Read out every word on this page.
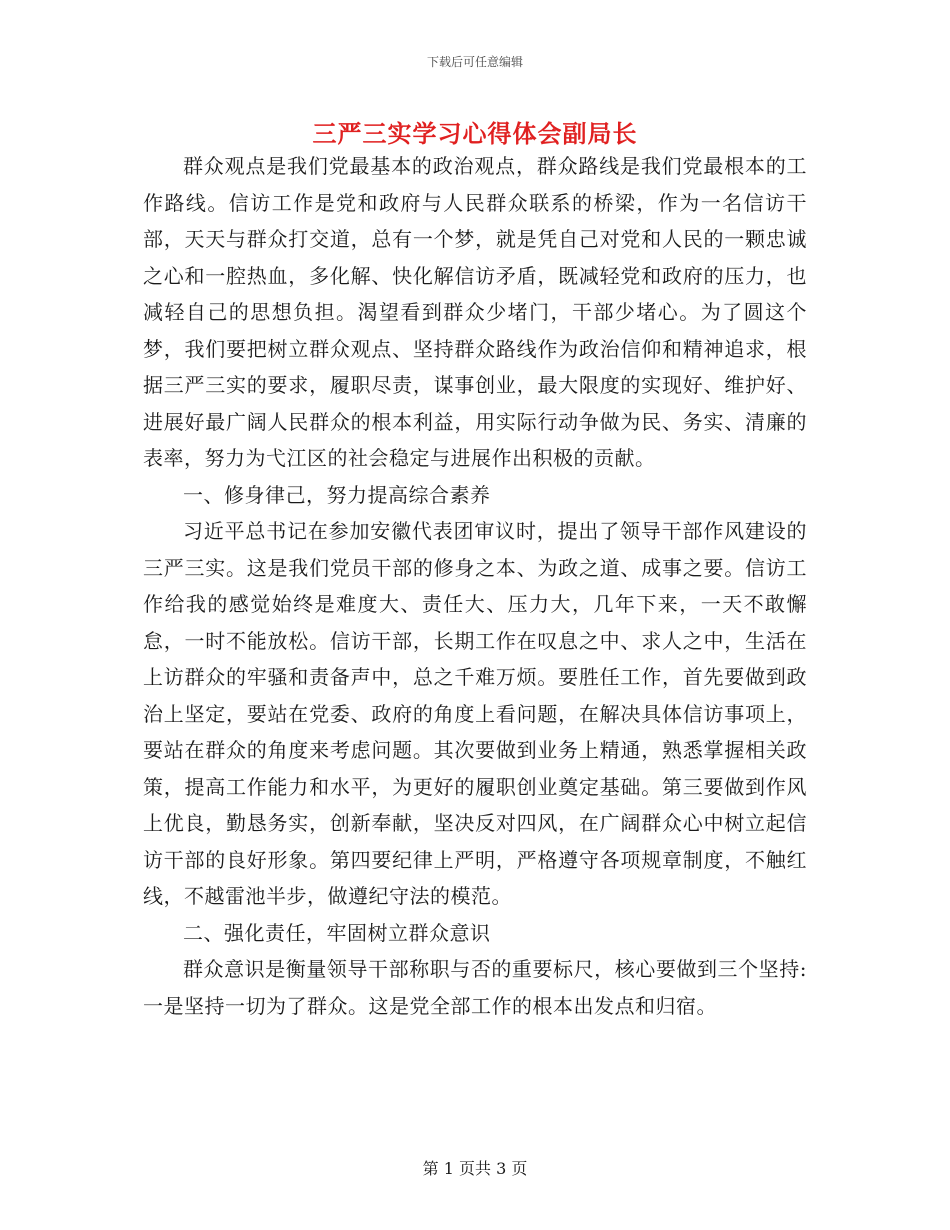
下载后可任意编辑
三严三实学习心得体会副局长

群众观点是我们党最基本的政治观点，群众路线是我们党最根本的工作路线。信访工作是党和政府与人民群众联系的桥梁，作为一名信访干部，天天与群众打交道，总有一个梦，就是凭自己对党和人民的一颗忠诚之心和一腔热血，多化解、快化解信访矛盾，既减轻党和政府的压力，也减轻自己的思想负担。渴望看到群众少堵门，干部少堵心。为了圆这个梦，我们要把树立群众观点、坚持群众路线作为政治信仰和精神追求，根据三严三实的要求，履职尽责，谋事创业，最大限度的实现好、维护好、进展好最广阔人民群众的根本利益，用实际行动争做为民、务实、清廉的表率，努力为弋江区的社会稳定与进展作出积极的贡献。

一、修身律己，努力提高综合素养

习近平总书记在参加安徽代表团审议时，提出了领导干部作风建设的三严三实。这是我们党员干部的修身之本、为政之道、成事之要。信访工作给我的感觉始终是难度大、责任大、压力大，几年下来，一天不敢懈怠，一时不能放松。信访干部，长期工作在叹息之中、求人之中，生活在上访群众的牢骚和责备声中，总之千难万烦。要胜任工作，首先要做到政治上坚定，要站在党委、政府的角度上看问题，在解决具体信访事项上，要站在群众的角度来考虑问题。其次要做到业务上精通，熟悉掌握相关政策，提高工作能力和水平，为更好的履职创业奠定基础。第三要做到作风上优良，勤恳务实，创新奉献，坚决反对四风，在广阔群众心中树立起信访干部的良好形象。第四要纪律上严明，严格遵守各项规章制度，不触红线，不越雷池半步，做遵纪守法的模范。

二、强化责任，牢固树立群众意识

群众意识是衡量领导干部称职与否的重要标尺，核心要做到三个坚持:一是坚持一切为了群众。这是党全部工作的根本出发点和归宿。

第 1 页共 3 页
